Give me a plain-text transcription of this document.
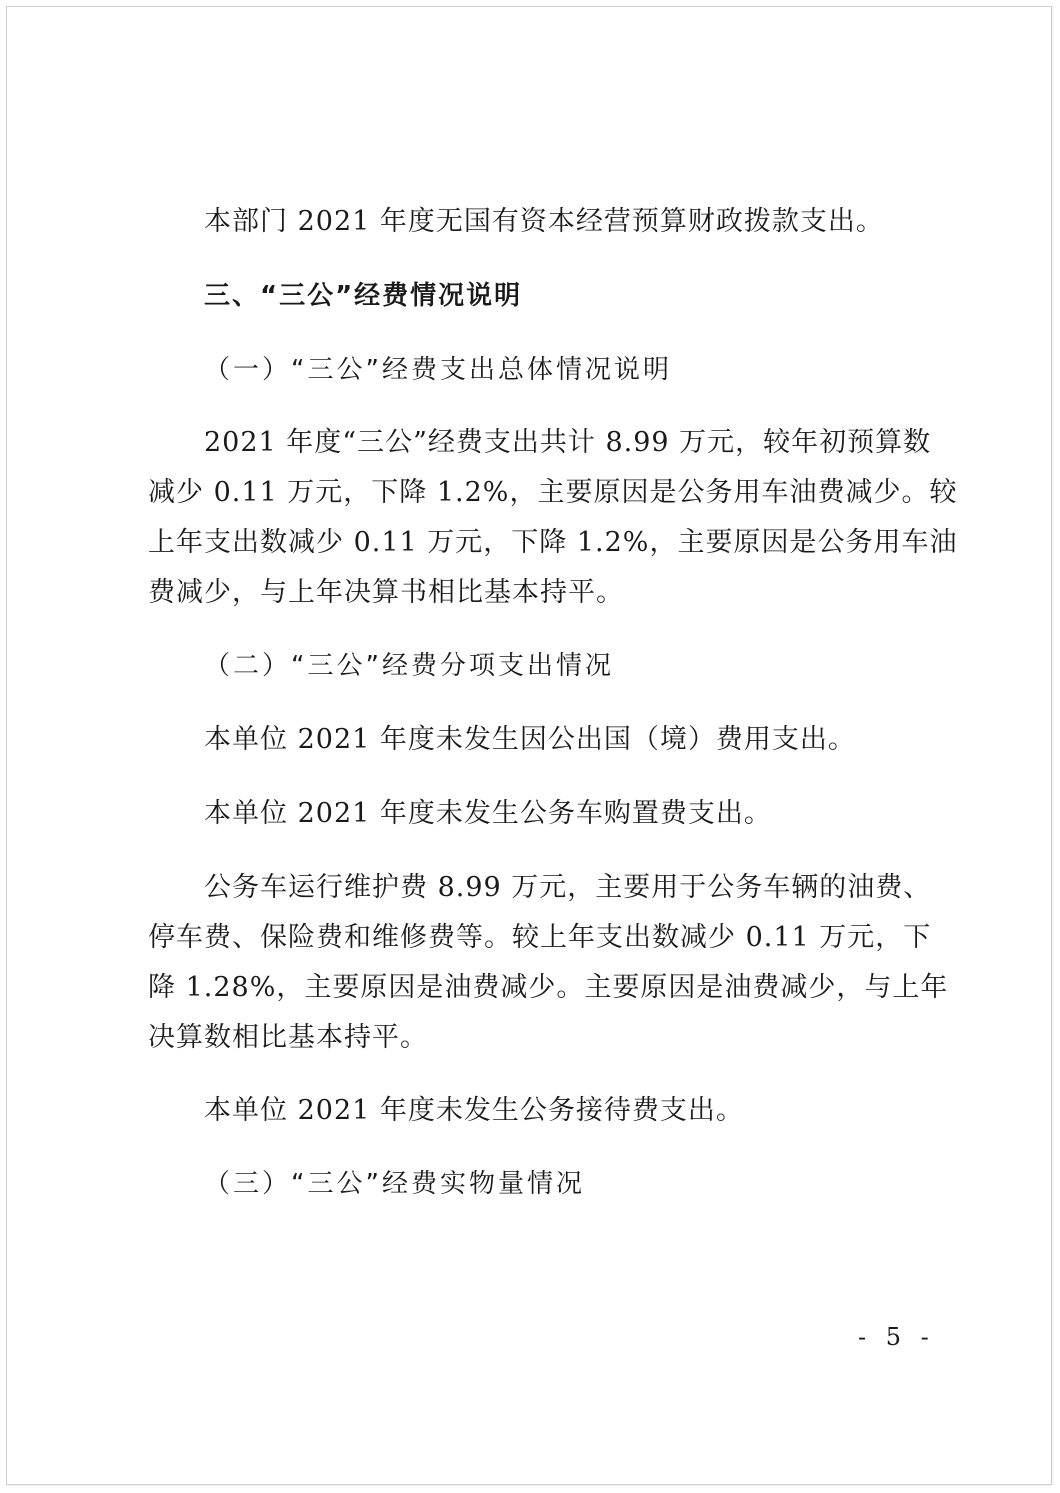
本部门 2021 年度无国有资本经营预算财政拨款支出。
三、“三公”经费情况说明
（一）“三公”经费支出总体情况说明
2021 年度“三公”经费支出共计 8.99 万元，较年初预算数
减少 0.11 万元，下降 1.2%，主要原因是公务用车油费减少。较
上年支出数减少 0.11 万元，下降 1.2%，主要原因是公务用车油
费减少，与上年决算书相比基本持平。
（二）“三公”经费分项支出情况
本单位 2021 年度未发生因公出国（境）费用支出。
本单位 2021 年度未发生公务车购置费支出。
公务车运行维护费 8.99 万元，主要用于公务车辆的油费、
停车费、保险费和维修费等。较上年支出数减少 0.11 万元，下
降 1.28%，主要原因是油费减少。主要原因是油费减少，与上年
决算数相比基本持平。
本单位 2021 年度未发生公务接待费支出。
（三）“三公”经费实物量情况
- 5 -
